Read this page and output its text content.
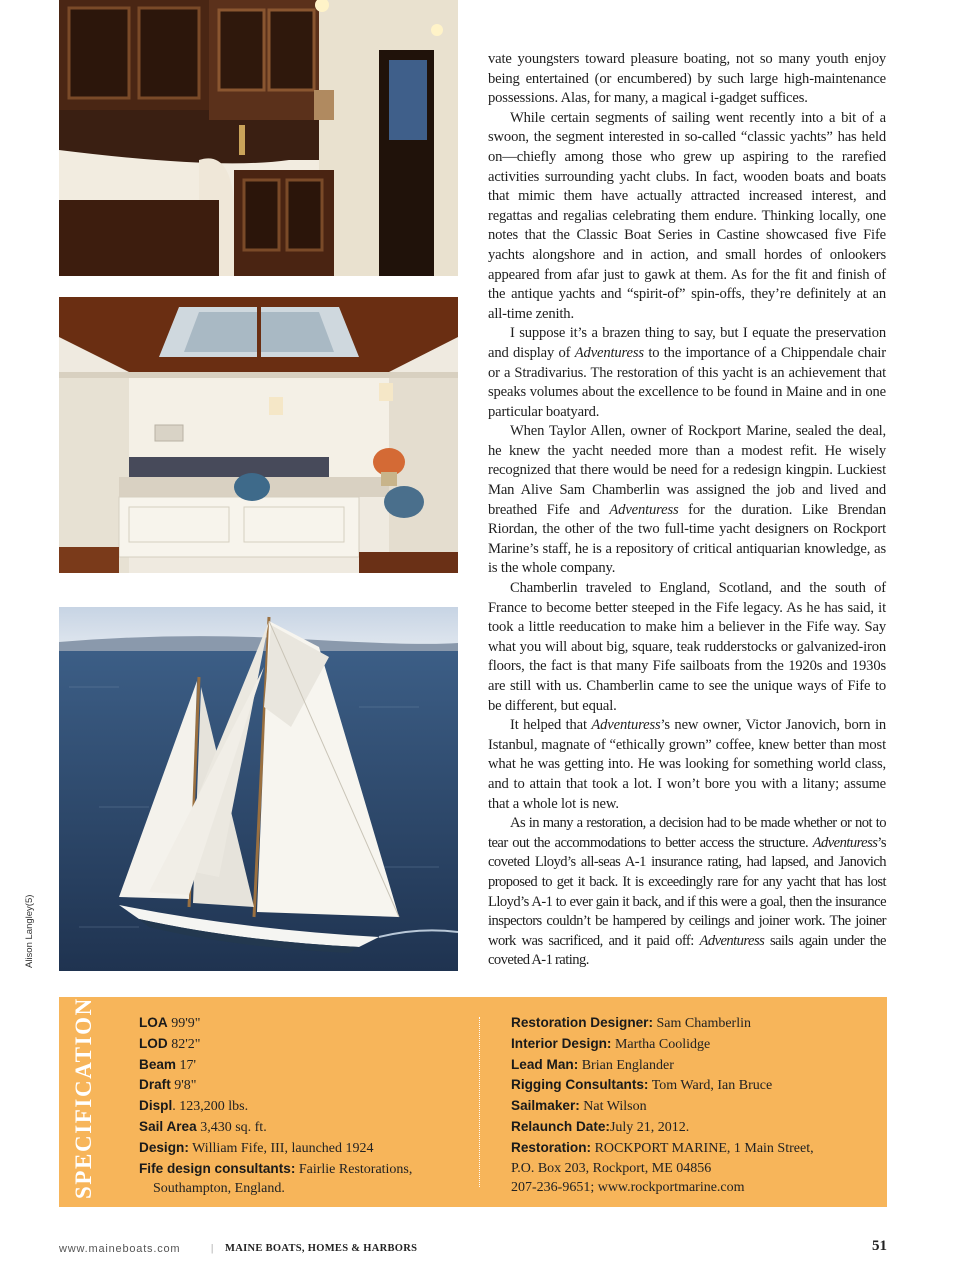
Alison Langley(5)

vate youngsters toward pleasure boating, not so many youth enjoy being entertained (or encumbered) by such large high-maintenance possessions. Alas, for many, a magical i-gadget suffices.

While certain segments of sailing went recently into a bit of a swoon, the segment interested in so-called “classic yachts” has held on—chiefly among those who grew up aspiring to the rarefied activities surrounding yacht clubs. In fact, wooden boats and boats that mimic them have actually attracted increased interest, and regattas and regalias celebrating them endure. Thinking locally, one notes that the Classic Boat Series in Castine showcased five Fife yachts alongshore and in action, and small hordes of onlookers appeared from afar just to gawk at them. As for the fit and finish of the antique yachts and “spirit-of” spin-offs, they’re definitely at an all-time zenith.

I suppose it’s a brazen thing to say, but I equate the preservation and display of Adventuress to the importance of a Chippendale chair or a Stradivarius. The restoration of this yacht is an achievement that speaks volumes about the excellence to be found in Maine and in one particular boatyard.

When Taylor Allen, owner of Rockport Marine, sealed the deal, he knew the yacht needed more than a modest refit. He wisely recognized that there would be need for a redesign kingpin. Luckiest Man Alive Sam Chamberlin was assigned the job and lived and breathed Fife and Adventuress for the duration. Like Brendan Riordan, the other of the two full-time yacht designers on Rockport Marine’s staff, he is a repository of critical antiquarian knowledge, as is the whole company.

Chamberlin traveled to England, Scotland, and the south of France to become better steeped in the Fife legacy. As he has said, it took a little reeducation to make him a believer in the Fife way. Say what you will about big, square, teak rudderstocks or galvanized-iron floors, the fact is that many Fife sailboats from the 1920s and 1930s are still with us. Chamberlin came to see the unique ways of Fife to be different, but equal.

It helped that Adventuress’s new owner, Victor Janovich, born in Istanbul, magnate of “ethically grown” coffee, knew better than most what he was getting into. He was looking for something world class, and to attain that took a lot. I won’t bore you with a litany; assume that a whole lot is new.

As in many a restoration, a decision had to be made whether or not to tear out the accommodations to better access the structure. Adventuress’s coveted Lloyd’s all-seas A-1 insurance rating, had lapsed, and Janovich proposed to get it back. It is exceedingly rare for any yacht that has lost Lloyd’s A-1 to ever gain it back, and if this were a goal, then the insurance inspectors couldn’t be hampered by ceilings and joiner work. The joiner work was sacrificed, and it paid off: Adventuress sails again under the coveted A-1 rating.

SPECIFICATIONS	LOA 99'9"
LOD 82'2"
Beam 17'
Draft 9'8"
Displ. 123,200 lbs.
Sail Area 3,430 sq. ft.
Design: William Fife, III, launched 1924
Fife design consultants: Fairlie Restorations,
Southampton, England.
Restoration Designer: Sam Chamberlin
Interior Design: Martha Coolidge
Lead Man: Brian Englander
Rigging Consultants: Tom Ward, Ian Bruce
Sailmaker: Nat Wilson
Relaunch Date:July 21, 2012.
Restoration: ROCKPORT MARINE, 1 Main Street,
P.O. Box 203, Rockport, ME 04856
207-236-9651; www.rockportmarine.com
www.maineboats.com	| MAINE BOATS, HOMES & HARBORS	51
